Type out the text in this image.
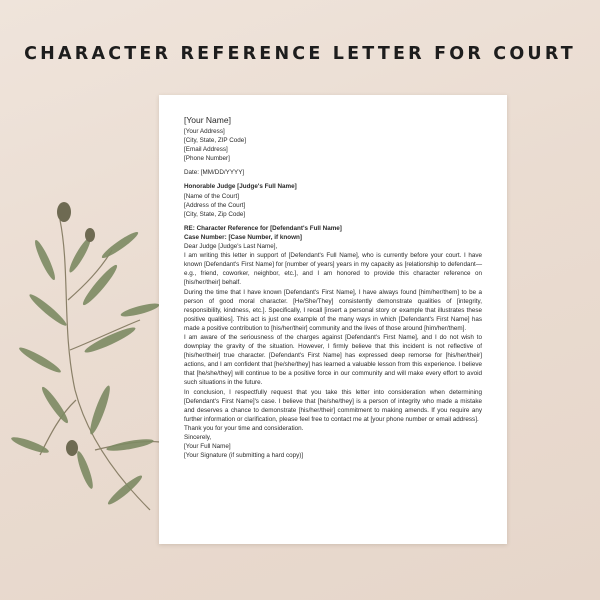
CHARACTER REFERENCE LETTER FOR COURT
[Your Name]
[Your Address]
[City, State, ZIP Code]
[Email Address]
[Phone Number]
Date: [MM/DD/YYYY]
Honorable Judge [Judge's Full Name]
[Name of the Court]
[Address of the Court]
[City, State, Zip Code]
RE: Character Reference for [Defendant's Full Name]
Case Number: [Case Number, if known]
Dear Judge [Judge's Last Name],

I am writing this letter in support of [Defendant's Full Name], who is currently before your court. I have known [Defendant's First Name] for [number of years] years in my capacity as [relationship to defendant—e.g., friend, coworker, neighbor, etc.], and I am honored to provide this character reference on [his/her/their] behalf.

During the time that I have known [Defendant's First Name], I have always found [him/her/them] to be a person of good moral character. [He/She/They] consistently demonstrate qualities of [integrity, responsibility, kindness, etc.]. Specifically, I recall [insert a personal story or example that illustrates these positive qualities]. This act is just one example of the many ways in which [Defendant's First Name] has made a positive contribution to [his/her/their] community and the lives of those around [him/her/them].

I am aware of the seriousness of the charges against [Defendant's First Name], and I do not wish to downplay the gravity of the situation. However, I firmly believe that this incident is not reflective of [his/her/their] true character. [Defendant's First Name] has expressed deep remorse for [his/her/their] actions, and I am confident that [he/she/they] has learned a valuable lesson from this experience. I believe that [he/she/they] will continue to be a positive force in our community and will make every effort to avoid such situations in the future.

In conclusion, I respectfully request that you take this letter into consideration when determining [Defendant's First Name]'s case. I believe that [he/she/they] is a person of integrity who made a mistake and deserves a chance to demonstrate [his/her/their] commitment to making amends. If you require any further information or clarification, please feel free to contact me at [your phone number or email address].

Thank you for your time and consideration.
Sincerely,
[Your Full Name]
[Your Signature (if submitting a hard copy)]
